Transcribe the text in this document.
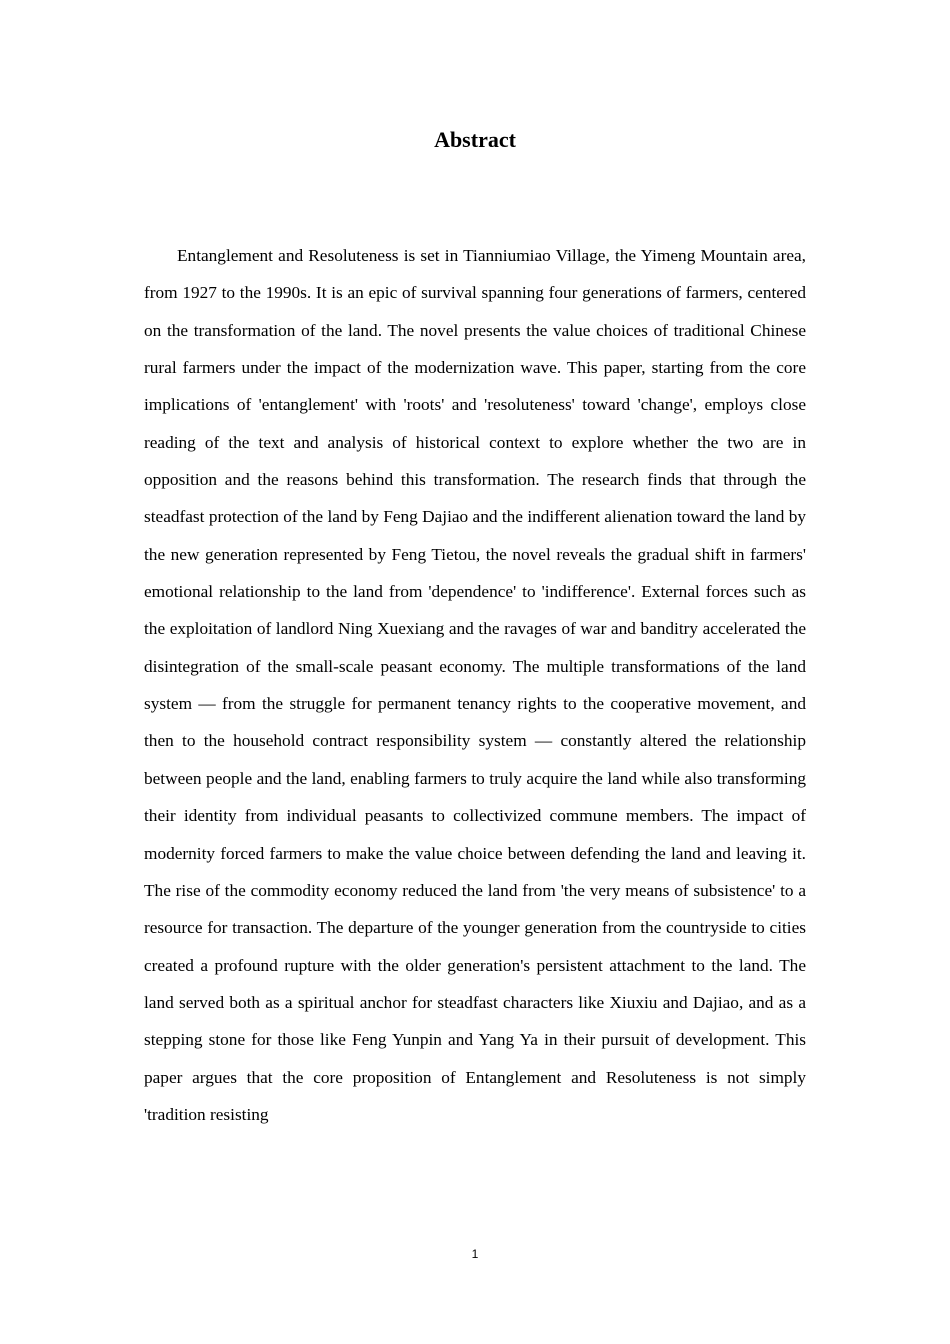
Abstract

Entanglement and Resoluteness is set in Tianniumiao Village, the Yimeng Mountain area, from 1927 to the 1990s. It is an epic of survival spanning four generations of farmers, centered on the transformation of the land. The novel presents the value choices of traditional Chinese rural farmers under the impact of the modernization wave. This paper, starting from the core implications of 'entanglement' with 'roots' and 'resoluteness' toward 'change', employs close reading of the text and analysis of historical context to explore whether the two are in opposition and the reasons behind this transformation. The research finds that through the steadfast protection of the land by Feng Dajiao and the indifferent alienation toward the land by the new generation represented by Feng Tietou, the novel reveals the gradual shift in farmers' emotional relationship to the land from 'dependence' to 'indifference'. External forces such as the exploitation of landlord Ning Xuexiang and the ravages of war and banditry accelerated the disintegration of the small-scale peasant economy. The multiple transformations of the land system — from the struggle for permanent tenancy rights to the cooperative movement, and then to the household contract responsibility system — constantly altered the relationship between people and the land, enabling farmers to truly acquire the land while also transforming their identity from individual peasants to collectivized commune members. The impact of modernity forced farmers to make the value choice between defending the land and leaving it. The rise of the commodity economy reduced the land from 'the very means of subsistence' to a resource for transaction. The departure of the younger generation from the countryside to cities created a profound rupture with the older generation's persistent attachment to the land. The land served both as a spiritual anchor for steadfast characters like Xiuxiu and Dajiao, and as a stepping stone for those like Feng Yunpin and Yang Ya in their pursuit of development. This paper argues that the core proposition of Entanglement and Resoluteness is not simply 'tradition resisting

1
